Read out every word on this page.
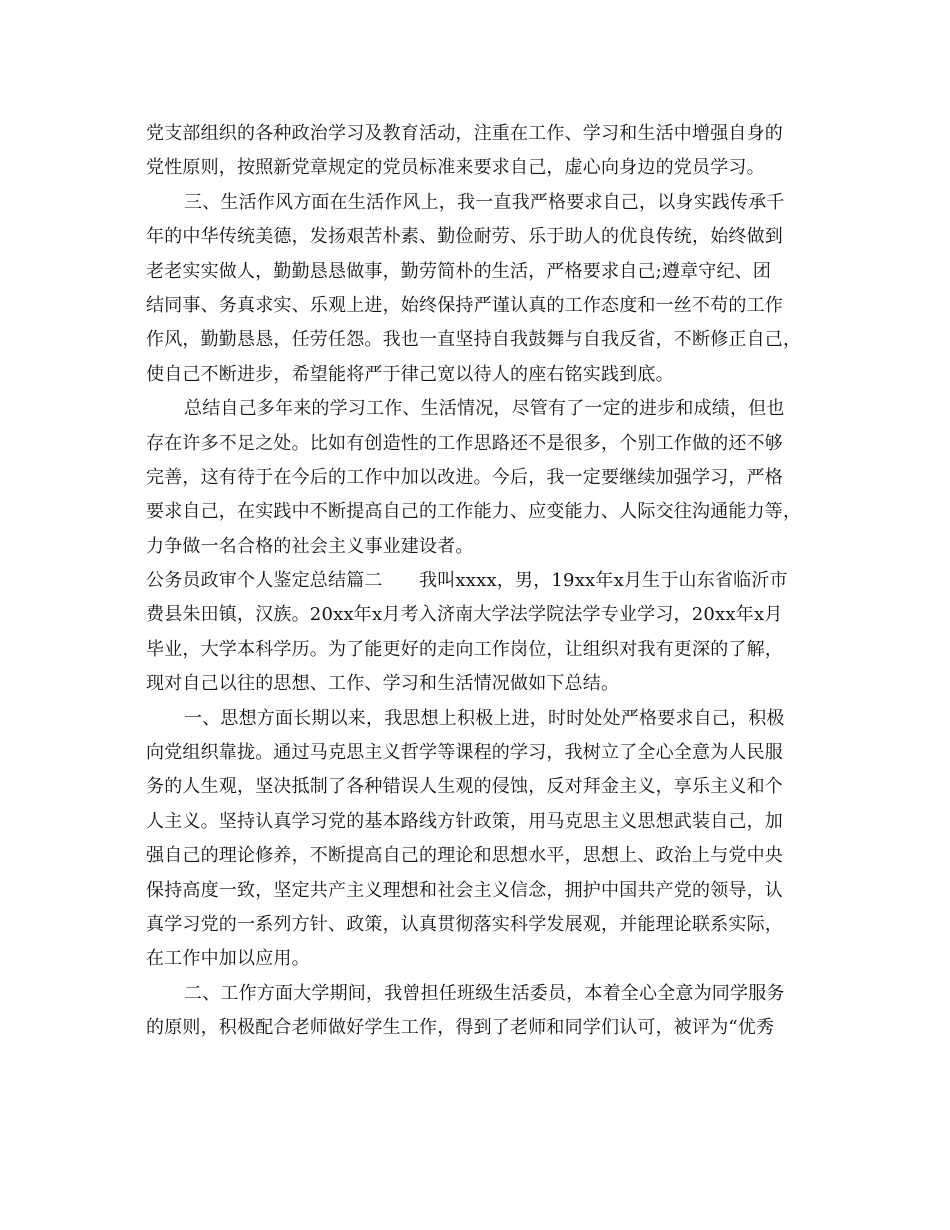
党支部组织的各种政治学习及教育活动，注重在工作、学习和生活中增强自身的
党性原则，按照新党章规定的党员标准来要求自己，虚心向身边的党员学习。
三、生活作风方面在生活作风上，我一直我严格要求自己，以身实践传承千
年的中华传统美德，发扬艰苦朴素、勤俭耐劳、乐于助人的优良传统，始终做到
老老实实做人，勤勤恳恳做事，勤劳简朴的生活，严格要求自己;遵章守纪、团
结同事、务真求实、乐观上进，始终保持严谨认真的工作态度和一丝不苟的工作
作风，勤勤恳恳，任劳任怨。我也一直坚持自我鼓舞与自我反省，不断修正自己，
使自己不断进步，希望能将严于律己宽以待人的座右铭实践到底。
总结自己多年来的学习工作、生活情况，尽管有了一定的进步和成绩，但也
存在许多不足之处。比如有创造性的工作思路还不是很多，个别工作做的还不够
完善，这有待于在今后的工作中加以改进。今后，我一定要继续加强学习，严格
要求自己，在实践中不断提高自己的工作能力、应变能力、人际交往沟通能力等，
力争做一名合格的社会主义事业建设者。
公务员政审个人鉴定总结篇二　　我叫xxxx，男，19xx年x月生于山东省临沂市
费县朱田镇，汉族。20xx年x月考入济南大学法学院法学专业学习，20xx年x月
毕业，大学本科学历。为了能更好的走向工作岗位，让组织对我有更深的了解，
现对自己以往的思想、工作、学习和生活情况做如下总结。
一、思想方面长期以来，我思想上积极上进，时时处处严格要求自己，积极
向党组织靠拢。通过马克思主义哲学等课程的学习，我树立了全心全意为人民服
务的人生观，坚决抵制了各种错误人生观的侵蚀，反对拜金主义，享乐主义和个
人主义。坚持认真学习党的基本路线方针政策，用马克思主义思想武装自己，加
强自己的理论修养，不断提高自己的理论和思想水平，思想上、政治上与党中央
保持高度一致，坚定共产主义理想和社会主义信念，拥护中国共产党的领导，认
真学习党的一系列方针、政策，认真贯彻落实科学发展观，并能理论联系实际，
在工作中加以应用。
二、工作方面大学期间，我曾担任班级生活委员，本着全心全意为同学服务
的原则，积极配合老师做好学生工作，得到了老师和同学们认可，被评为“优秀
